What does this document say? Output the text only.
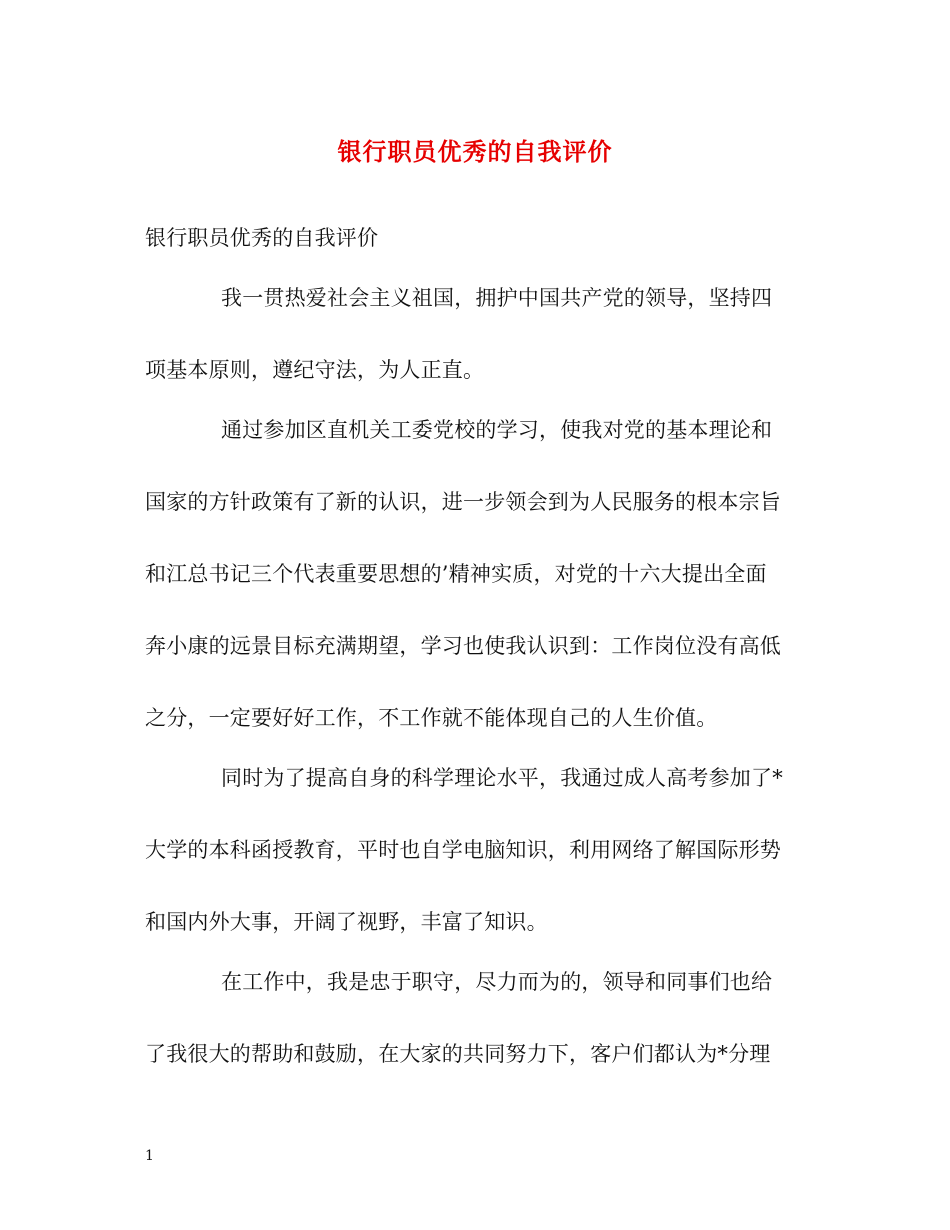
银行职员优秀的自我评价
银行职员优秀的自我评价
我一贯热爱社会主义祖国，拥护中国共产党的领导，坚持四
项基本原则，遵纪守法，为人正直。
通过参加区直机关工委党校的学习，使我对党的基本理论和
国家的方针政策有了新的认识，进一步领会到为人民服务的根本宗旨
和江总书记三个代表重要思想的’精神实质，对党的十六大提出全面
奔小康的远景目标充满期望，学习也使我认识到：工作岗位没有高低
之分，一定要好好工作，不工作就不能体现自己的人生价值。
同时为了提高自身的科学理论水平，我通过成人高考参加了*
大学的本科函授教育，平时也自学电脑知识，利用网络了解国际形势
和国内外大事，开阔了视野，丰富了知识。
在工作中，我是忠于职守，尽力而为的，领导和同事们也给
了我很大的帮助和鼓励，在大家的共同努力下，客户们都认为*分理
1
